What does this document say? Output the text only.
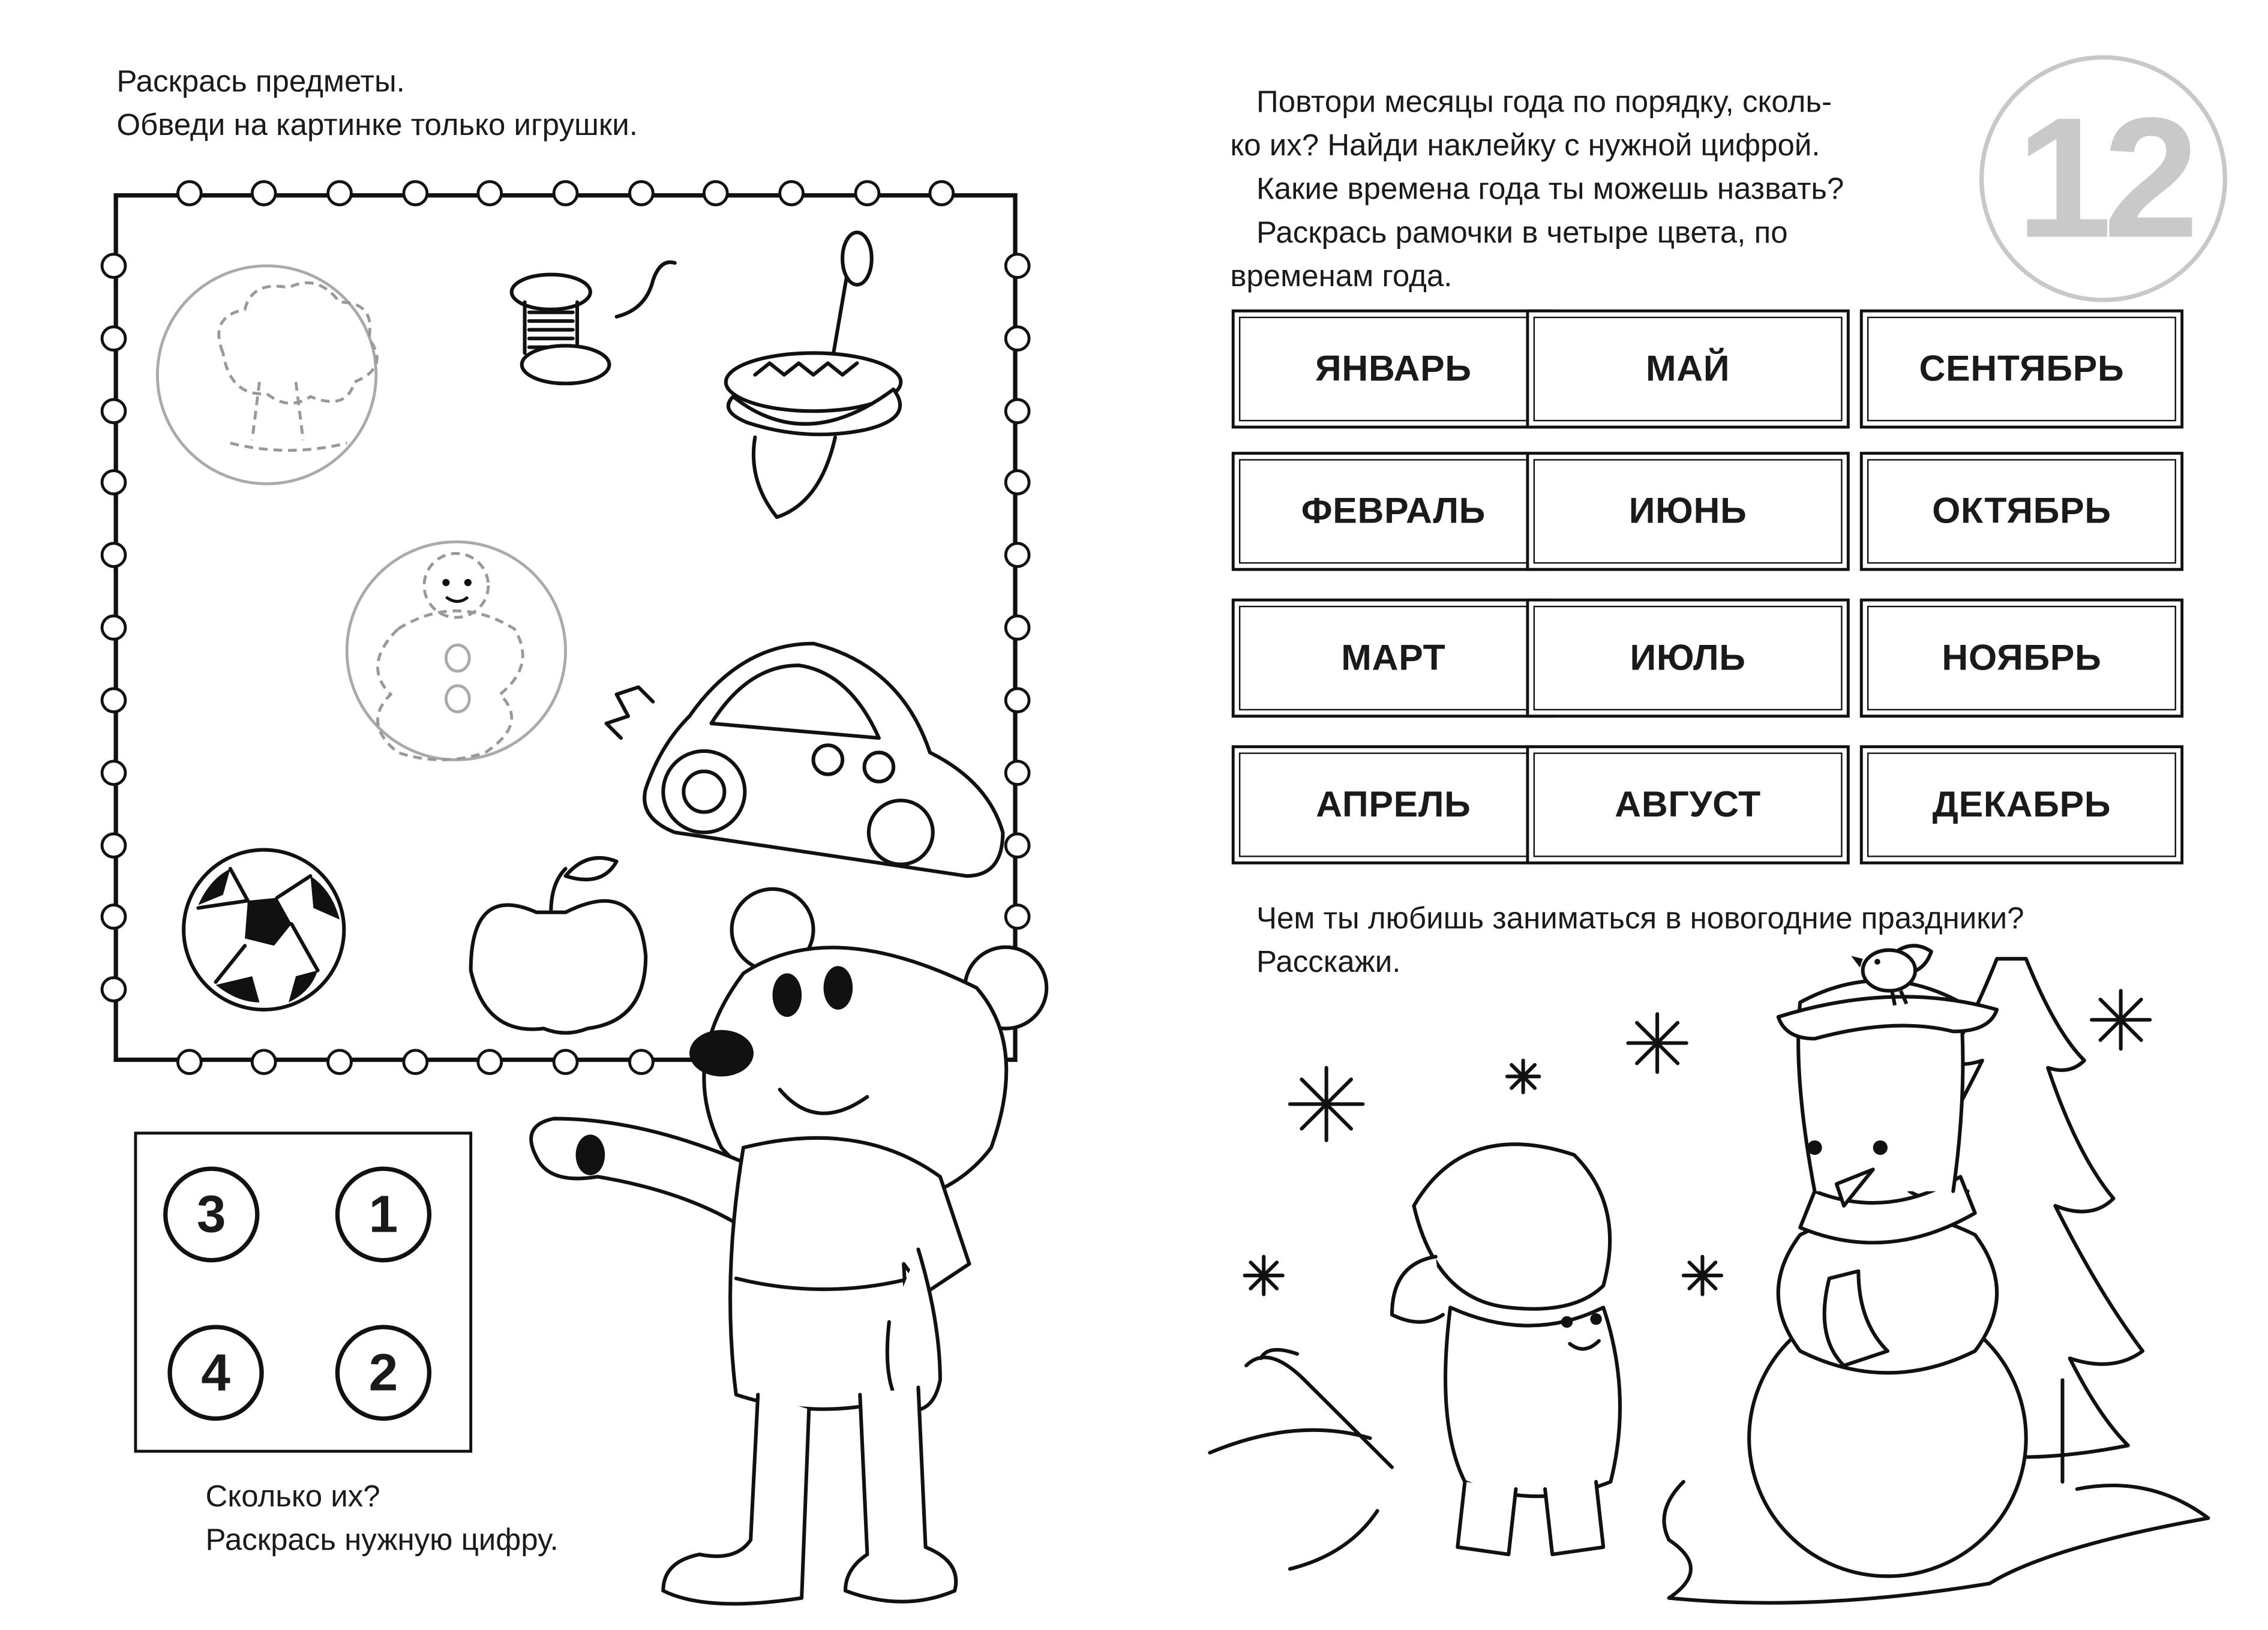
Раскрась предметы.
Обведи на картинке только игрушки.
3	1
4	2
Сколько их?
Раскрась нужную цифру.
Повтори месяцы года по порядку, сколь-
ко их? Найди наклейку с нужной цифрой.
Какие времена года ты можешь назвать?
Раскрась рамочки в четыре цвета, по
временам года.
12
ЯНВАРЬ	МАЙ	СЕНТЯБРЬ
ФЕВРАЛЬ	ИЮНЬ	ОКТЯБРЬ
МАРТ	ИЮЛЬ	НОЯБРЬ
АПРЕЛЬ	АВГУСТ	ДЕКАБРЬ
Чем ты любишь заниматься в новогодние праздники?
Расскажи.
